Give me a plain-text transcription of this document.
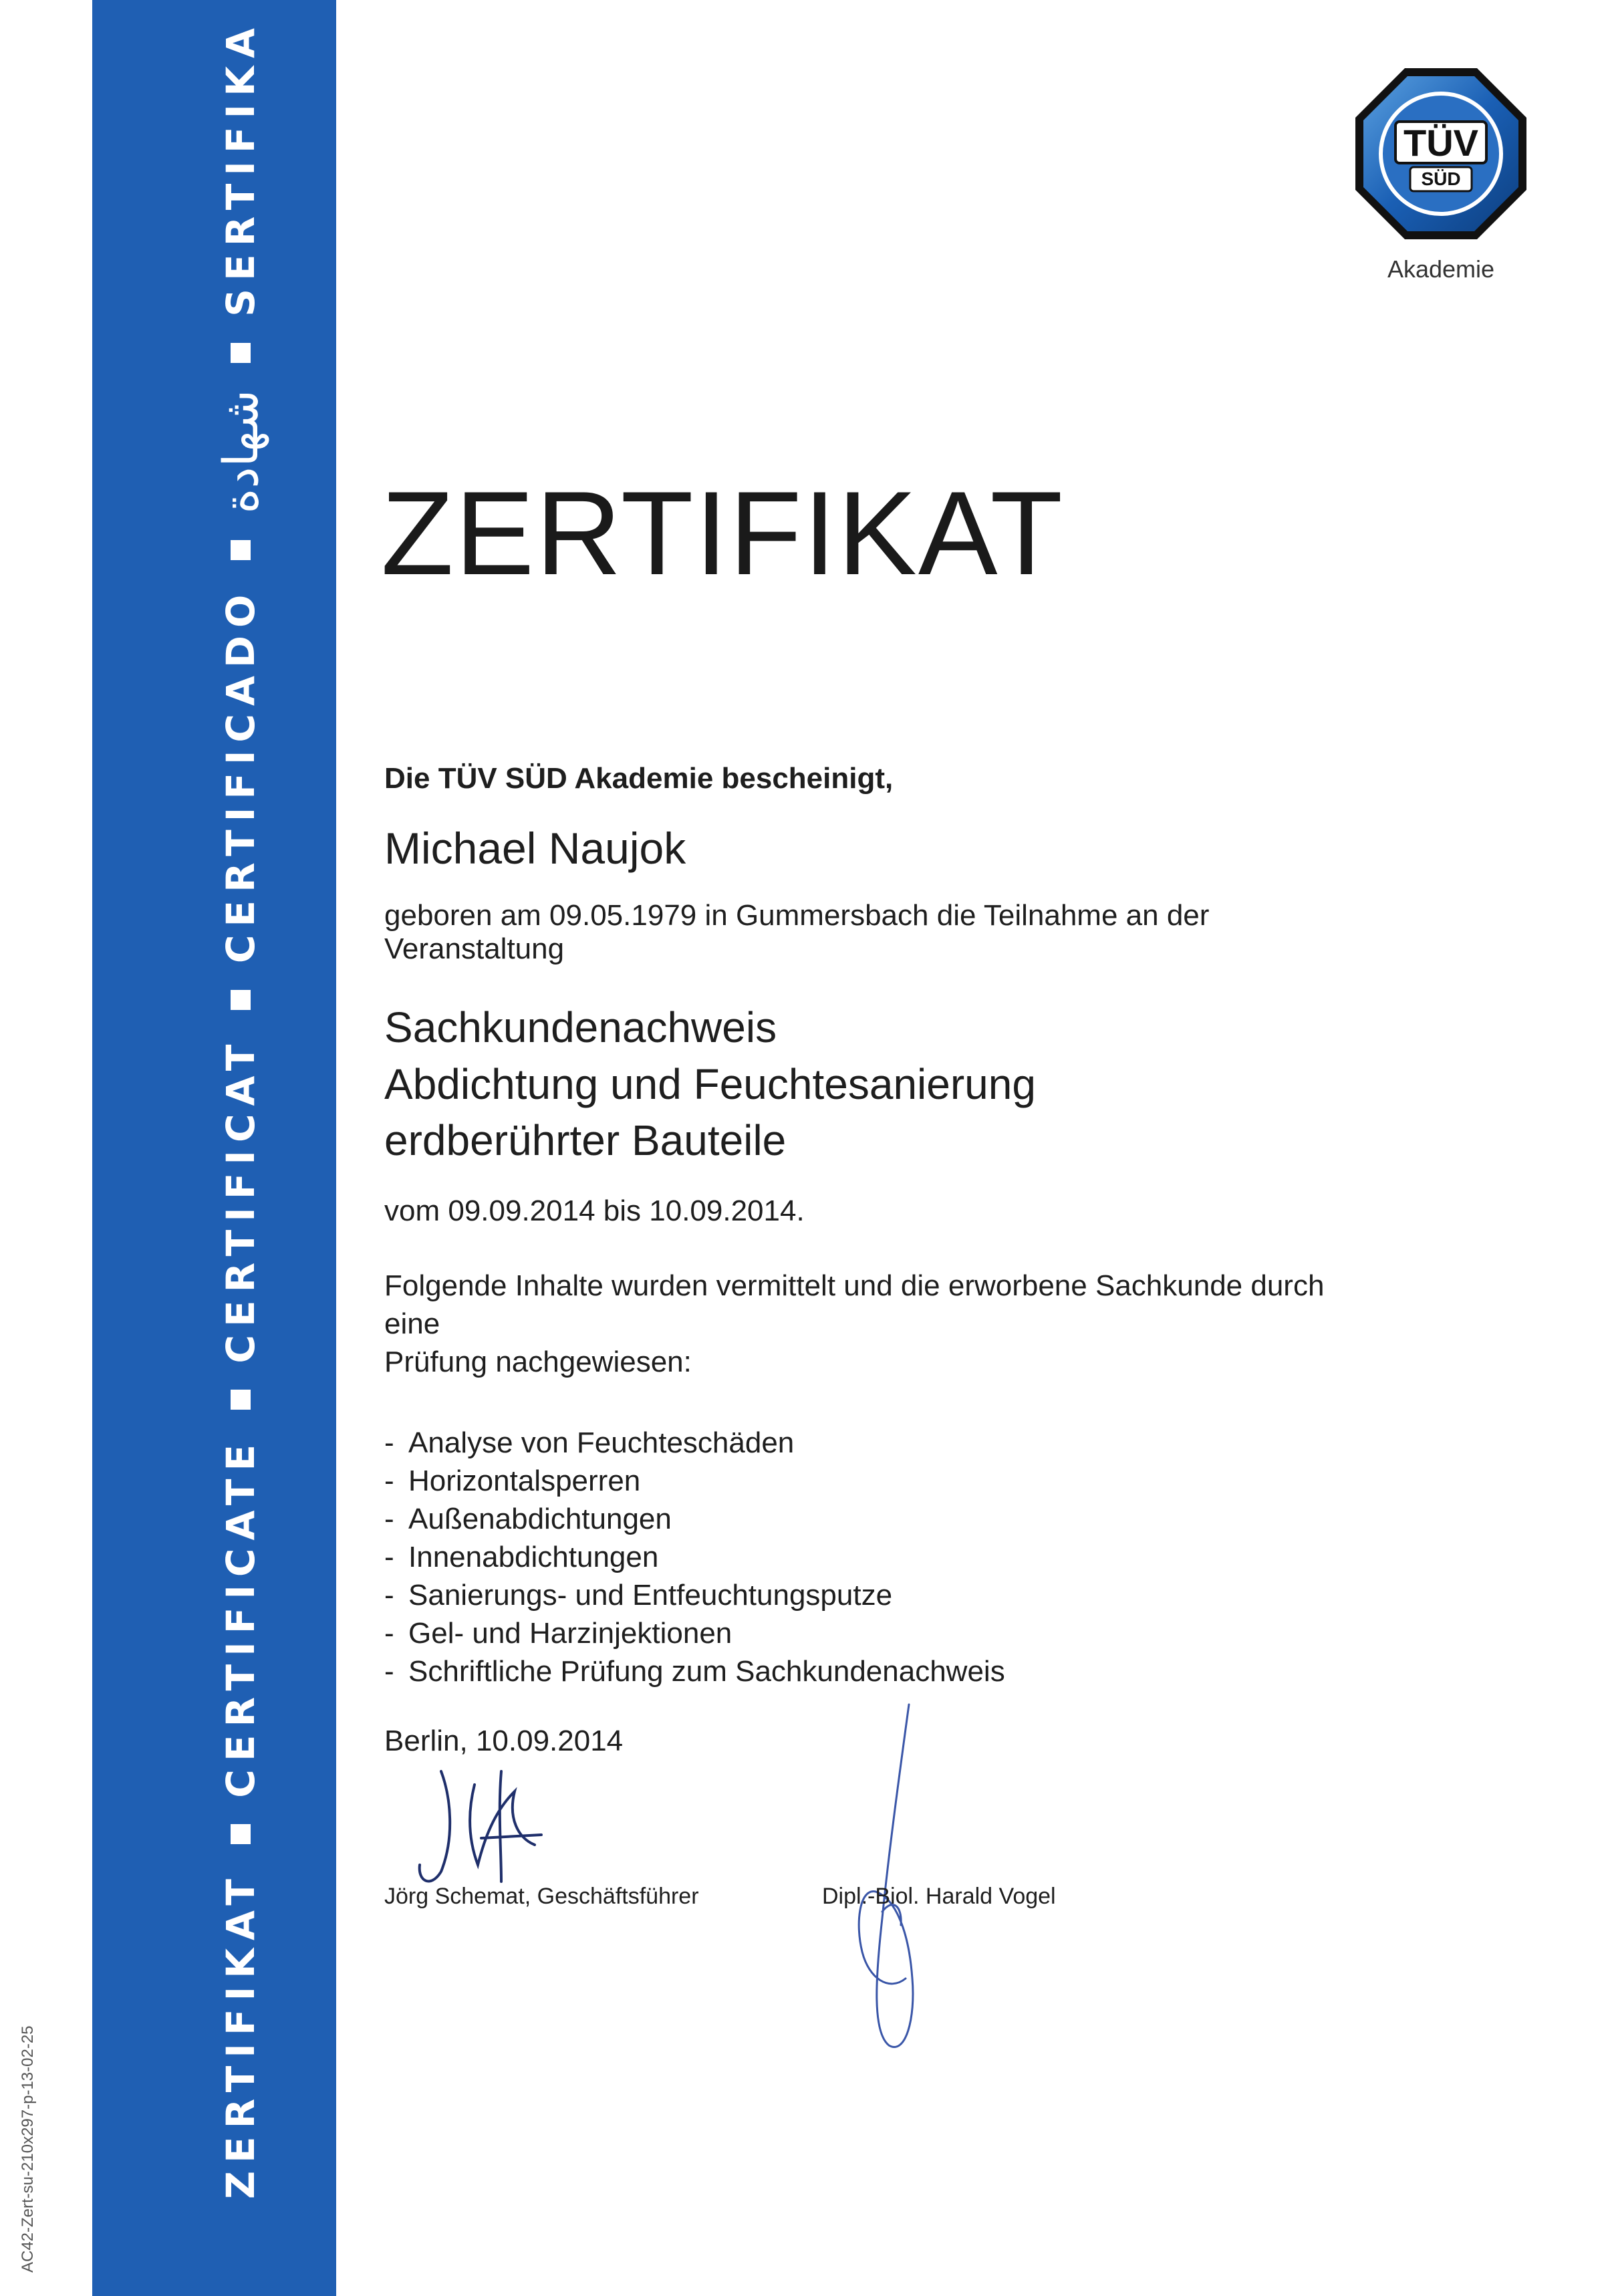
ZERTIFIKAT
CERTIFICATE
CERTIFICAT
CERTIFICADO
شهادة
SERTIFIKA
AC42-Zert-su-210x297-p-13-02-25
TÜV
SÜD
Akademie
ZERTIFIKAT

Die TÜV SÜD Akademie bescheinigt,

Michael Naujok

geboren am 09.05.1979 in Gummersbach die Teilnahme an der Veranstaltung

Sachkundenachweis
Abdichtung und Feuchtesanierung
erdberührter Bauteile

vom 09.09.2014 bis 10.09.2014.

Folgende Inhalte wurden vermittelt und die erworbene Sachkunde durch eine
Prüfung nachgewiesen:

- Analyse von Feuchteschäden
- Horizontalsperren
- Außenabdichtungen
- Innenabdichtungen
- Sanierungs- und Entfeuchtungsputze
- Gel- und Harzinjektionen
- Schriftliche Prüfung zum Sachkundenachweis
Berlin, 10.09.2014
Jörg Schemat, Geschäftsführer	Dipl.-Biol. Harald Vogel
